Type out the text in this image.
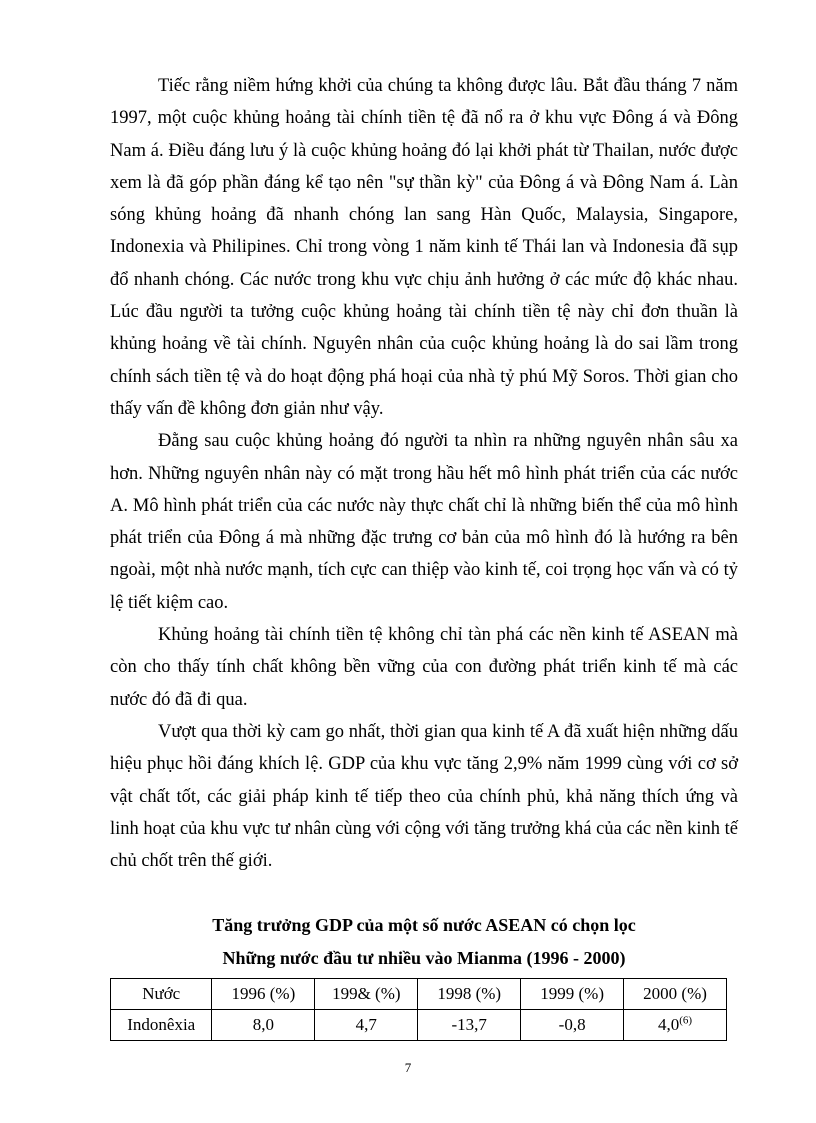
Tiếc rằng niềm hứng khởi của chúng ta không được lâu. Bắt đầu tháng 7 năm 1997, một cuộc khủng hoảng tài chính tiền tệ đã nổ ra ở khu vực Đông á và Đông Nam á. Điều đáng lưu ý là cuộc khủng hoảng đó lại khởi phát từ Thailan, nước được xem là đã góp phần đáng kể tạo nên "sự thần kỳ" của Đông á và Đông Nam á. Làn sóng khủng hoảng đã nhanh chóng lan sang Hàn Quốc, Malaysia, Singapore, Indonexia và Philipines. Chỉ trong vòng 1 năm kinh tế Thái lan và Indonesia đã sụp đổ nhanh chóng. Các nước trong khu vực chịu ảnh hưởng ở các mức độ khác nhau. Lúc đầu người ta tưởng cuộc khủng hoảng tài chính tiền tệ này chỉ đơn thuần là khủng hoảng về tài chính. Nguyên nhân của cuộc khủng hoảng là do sai lầm trong chính sách tiền tệ và do hoạt động phá hoại của nhà tỷ phú Mỹ Soros. Thời gian cho thấy vấn đề không đơn giản như vậy.

Đằng sau cuộc khủng hoảng đó người ta nhìn ra những nguyên nhân sâu xa hơn. Những nguyên nhân này có mặt trong hầu hết mô hình phát triển của các nước A. Mô hình phát triển của các nước này thực chất chỉ là những biến thể của mô hình phát triển của Đông á mà những đặc trưng cơ bản của mô hình đó là hướng ra bên ngoài, một nhà nước mạnh, tích cực can thiệp vào kinh tế, coi trọng học vấn và có tỷ lệ tiết kiệm cao.

Khủng hoảng tài chính tiền tệ không chỉ tàn phá các nền kinh tế ASEAN mà còn cho thấy tính chất không bền vững của con đường phát triển kinh tế mà các nước đó đã đi qua.

Vượt qua thời kỳ cam go nhất, thời gian qua kinh tế A đã xuất hiện những dấu hiệu phục hồi đáng khích lệ. GDP của khu vực tăng 2,9% năm 1999 cùng với cơ sở vật chất tốt, các giải pháp kinh tế tiếp theo của chính phủ, khả năng thích ứng và linh hoạt của khu vực tư nhân cùng với cộng với tăng trưởng khá của các nền kinh tế chủ chốt trên thế giới.

Tăng trưởng GDP của một số nước ASEAN có chọn lọc
Những nước đầu tư nhiều vào Mianma (1996 - 2000)
Nước	1996 (%)	199& (%)	1998 (%)	1999 (%)	2000 (%)
Indonêxia	8,0	4,7	-13,7	-0,8	4,0$^{(6)}$
7
